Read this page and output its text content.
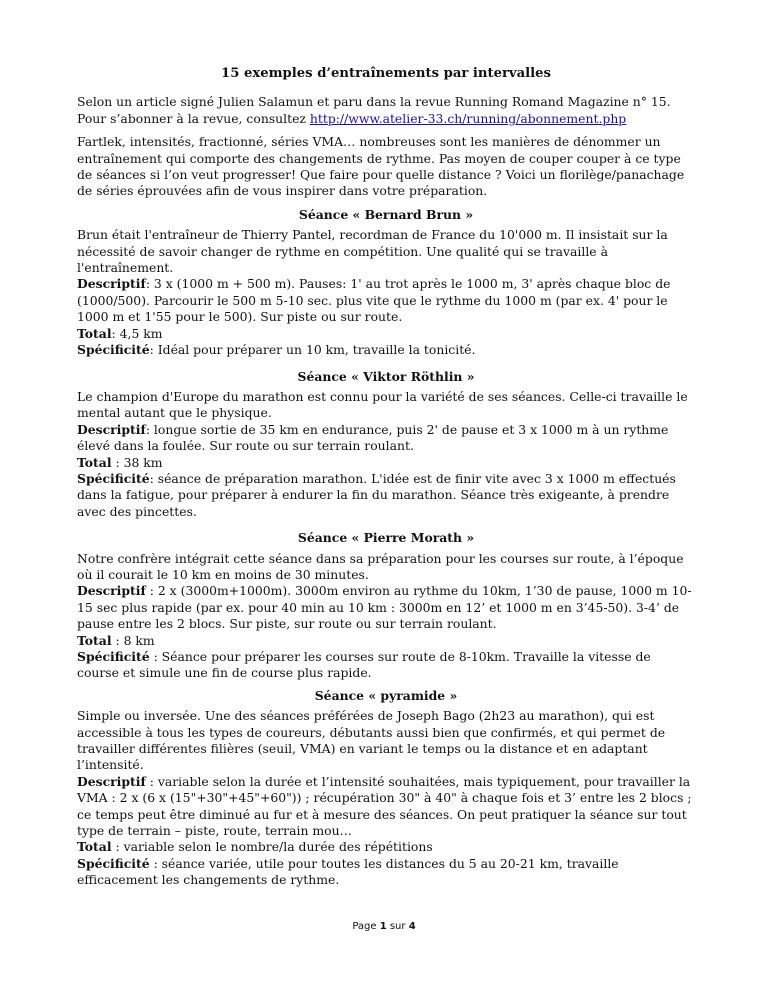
15 exemples d’entraînements par intervalles

Selon un article signé Julien Salamun et paru dans la revue Running Romand Magazine n° 15.

Pour s’abonner à la revue, consultez http://www.atelier-33.ch/running/abonnement.php

Fartlek, intensités, fractionné, séries VMA… nombreuses sont les manières de dénommer un entraînement qui comporte des changements de rythme. Pas moyen de couper couper à ce type de séances si l’on veut progresser! Que faire pour quelle distance ? Voici un florilège/panachage de séries éprouvées afin de vous inspirer dans votre préparation.

Séance « Bernard Brun »

Brun était l'entraîneur de Thierry Pantel, recordman de France du 10'000 m. Il insistait sur la nécessité de savoir changer de rythme en compétition. Une qualité qui se travaille à l'entraînement.

Descriptif: 3 x (1000 m + 500 m). Pauses: 1' au trot après le 1000 m, 3' après chaque bloc de (1000/500). Parcourir le 500 m 5-10 sec. plus vite que le rythme du 1000 m (par ex. 4' pour le 1000 m et 1'55 pour le 500). Sur piste ou sur route.

Total: 4,5 km

Spécificité: Idéal pour préparer un 10 km, travaille la tonicité.

Séance « Viktor Röthlin »

Le champion d'Europe du marathon est connu pour la variété de ses séances. Celle-ci travaille le mental autant que le physique.

Descriptif: longue sortie de 35 km en endurance, puis 2' de pause et 3 x 1000 m à un rythme élevé dans la foulée. Sur route ou sur terrain roulant.

Total : 38 km

Spécificité: séance de préparation marathon. L'idée est de finir vite avec 3 x 1000 m effectués dans la fatigue, pour préparer à endurer la fin du marathon. Séance très exigeante, à prendre avec des pincettes.

Séance « Pierre Morath »

Notre confrère intégrait cette séance dans sa préparation pour les courses sur route, à l’époque où il courait le 10 km en moins de 30 minutes.

Descriptif : 2 x (3000m+1000m). 3000m environ au rythme du 10km, 1’30 de pause, 1000 m 10-15 sec plus rapide (par ex. pour 40 min au 10 km : 3000m en 12’ et 1000 m en 3’45-50). 3-4’ de pause entre les 2 blocs. Sur piste, sur route ou sur terrain roulant.

Total : 8 km

Spécificité : Séance pour préparer les courses sur route de 8-10km. Travaille la vitesse de course et simule une fin de course plus rapide.

Séance « pyramide »

Simple ou inversée. Une des séances préférées de Joseph Bago (2h23 au marathon), qui est accessible à tous les types de coureurs, débutants aussi bien que confirmés, et qui permet de travailler différentes filières (seuil, VMA) en variant le temps ou la distance et en adaptant l’intensité.

Descriptif : variable selon la durée et l’intensité souhaitées, mais typiquement, pour travailler la VMA : 2 x (6 x (15"+30"+45"+60")) ; récupération 30" à 40" à chaque fois et 3’ entre les 2 blocs ; ce temps peut être diminué au fur et à mesure des séances. On peut pratiquer la séance sur tout type de terrain – piste, route, terrain mou…

Total : variable selon le nombre/la durée des répétitions

Spécificité : séance variée, utile pour toutes les distances du 5 au 20-21 km, travaille efficacement les changements de rythme.

Page 1 sur 4
